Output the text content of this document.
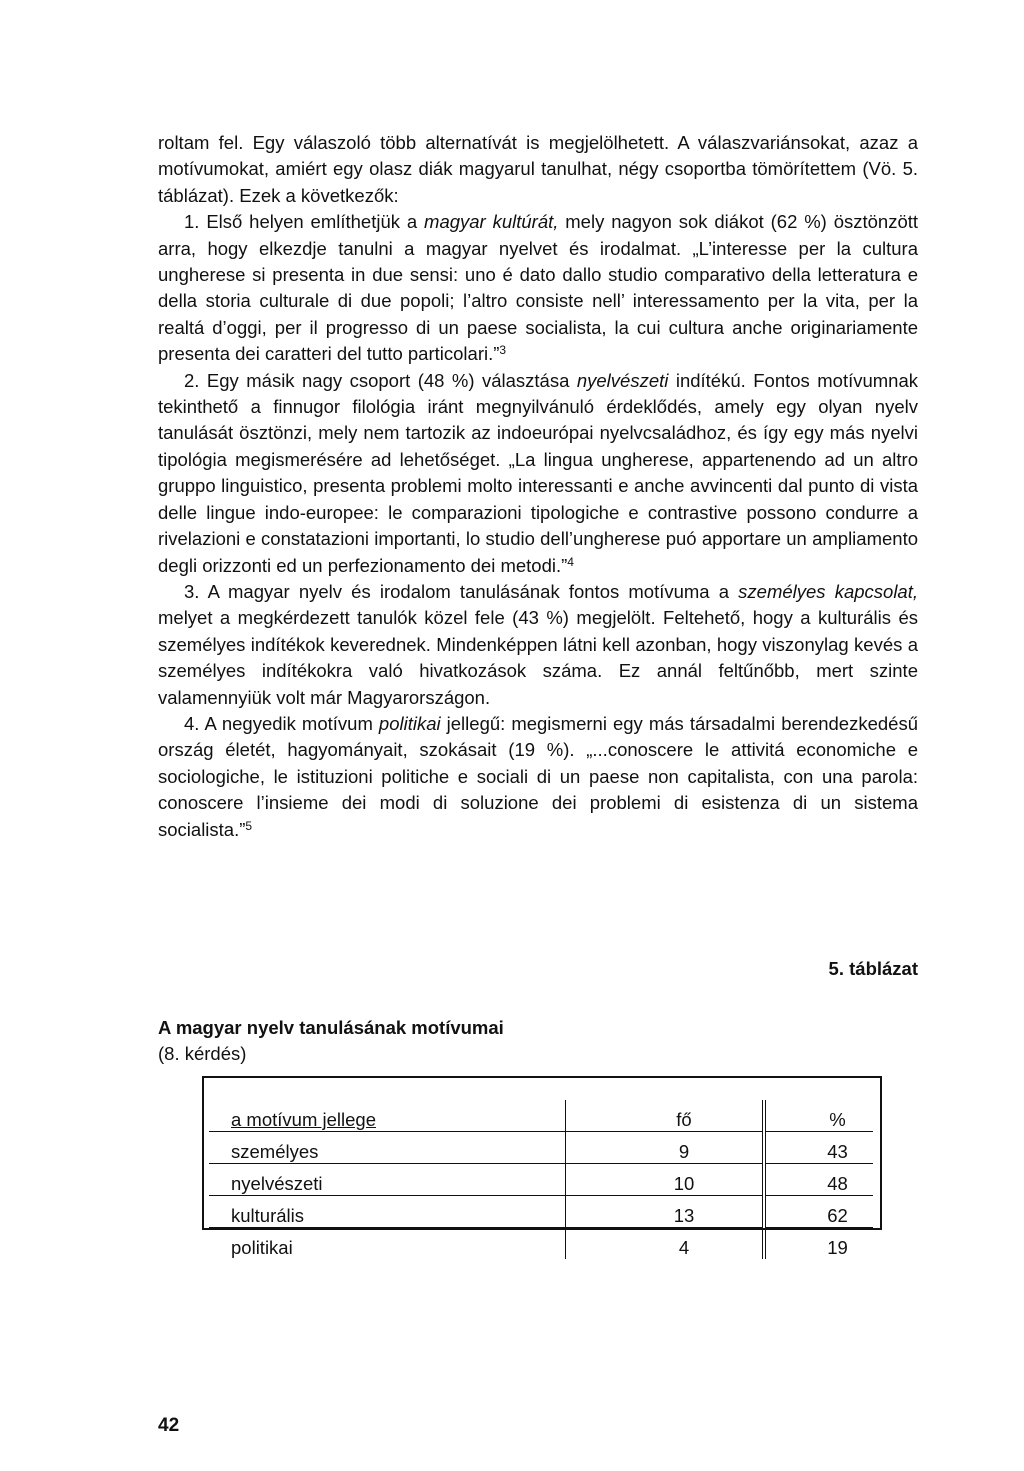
roltam fel. Egy válaszoló több alternatívát is megjelölhetett. A válaszvariánsokat, azaz a motívumokat, amiért egy olasz diák magyarul tanulhat, négy csoportba tömörítettem (Vö. 5. táblázat). Ezek a következők:

1. Első helyen említhetjük a magyar kultúrát, mely nagyon sok diákot (62 %) ösztönzött arra, hogy elkezdje tanulni a magyar nyelvet és irodalmat. „L’interesse per la cultura ungherese si presenta in due sensi: uno é dato dallo studio comparativo della letteratura e della storia culturale di due popoli; l’altro consiste nell’ interessamento per la vita, per la realtá d’oggi, per il progresso di un paese socialista, la cui cultura anche originariamente presenta dei caratteri del tutto particolari.”$^3$

2. Egy másik nagy csoport (48 %) választása nyelvészeti indítékú. Fontos motívumnak tekinthető a finnugor filológia iránt megnyilvánuló érdeklődés, amely egy olyan nyelv tanulását ösztönzi, mely nem tartozik az indoeurópai nyelvcsaládhoz, és így egy más nyelvi tipológia megismerésére ad lehetőséget. „La lingua ungherese, appartenendo ad un altro gruppo linguistico, presenta problemi molto interessanti e anche avvincenti dal punto di vista delle lingue indo-europee: le comparazioni tipologiche e contrastive possono condurre a rivelazioni e constatazioni importanti, lo studio dell’ungherese puó apportare un ampliamento degli orizzonti ed un perfezionamento dei metodi.”$^4$

3. A magyar nyelv és irodalom tanulásának fontos motívuma a személyes kapcsolat, melyet a megkérdezett tanulók közel fele (43 %) megjelölt. Feltehető, hogy a kulturális és személyes indítékok keverednek. Mindenképpen látni kell azonban, hogy viszonylag kevés a személyes indítékokra való hivatkozások száma. Ez annál feltűnőbb, mert szinte valamennyiük volt már Magyarországon.

4. A negyedik motívum politikai jellegű: megismerni egy más társadalmi berendezkedésű ország életét, hagyományait, szokásait (19 %). „...conoscere le attivitá economiche e sociologiche, le istituzioni politiche e sociali di un paese non capitalista, con una parola: conoscere l’insieme dei modi di soluzione dei problemi di esistenza di un sistema socialista.”$^5$

5. táblázat
A magyar nyelv tanulásának motívumai
(8. kérdés)
a motívum jellege	fő	%
személyes	9	43
nyelvészeti	10	48
kulturális	13	62
politikai	4	19
42
